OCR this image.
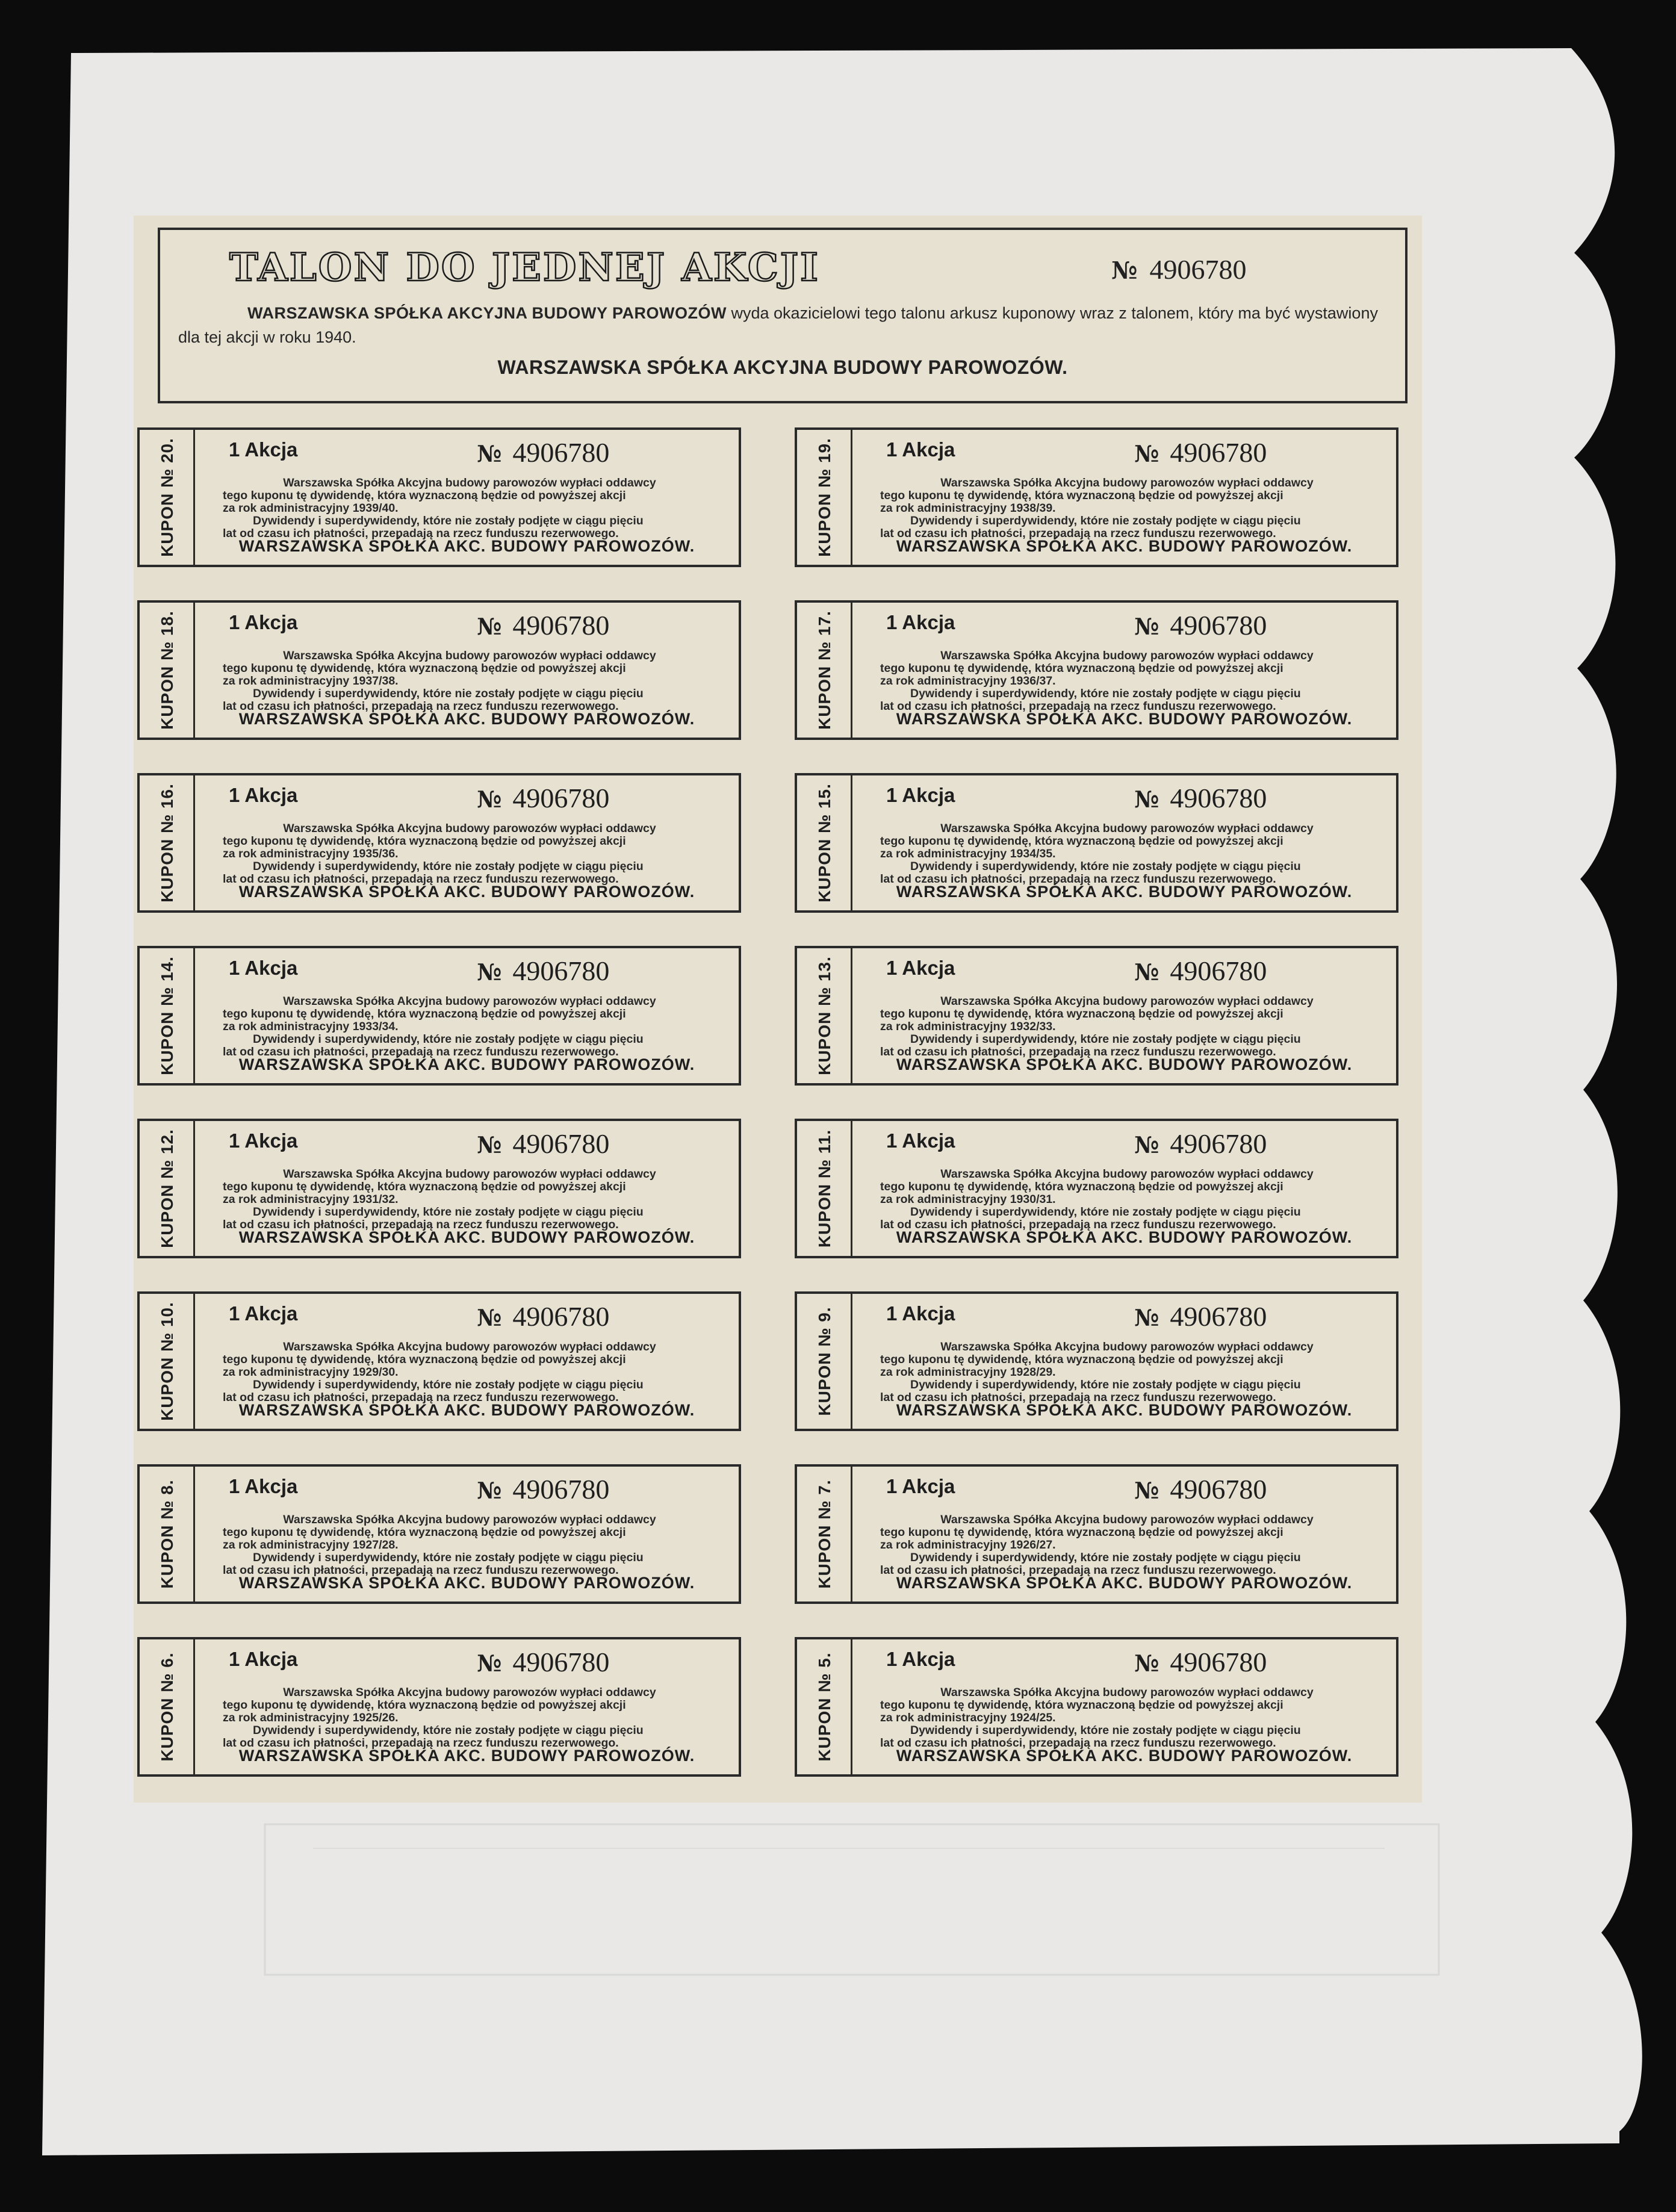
TALON DO JEDNEJ AKCJI	№ 4906780
WARSZAWSKA SPÓŁKA AKCYJNA BUDOWY PAROWOZÓW wyda okazicielowi tego talonu arkusz kuponowy wraz z talonem, który ma być wystawiony dla tej akcji w roku 1940.
WARSZAWSKA SPÓŁKA AKCYJNA BUDOWY PAROWOZÓW.
KUPON № 20.	1 Akcja	№ 4906780
Warszawska Spółka Akcyjna budowy parowozów wypłaci oddawcy
tego kuponu tę dywidendę, która wyznaczoną będzie od powyższej akcji
za rok administracyjny 1939/40.
Dywidendy i superdywidendy, które nie zostały podjęte w ciągu pięciu
lat od czasu ich płatności, przepadają na rzecz funduszu rezerwowego.
WARSZAWSKA SPÓŁKA AKC. BUDOWY PAROWOZÓW.	KUPON № 19.	1 Akcja	№ 4906780
Warszawska Spółka Akcyjna budowy parowozów wypłaci oddawcy
tego kuponu tę dywidendę, która wyznaczoną będzie od powyższej akcji
za rok administracyjny 1938/39.
Dywidendy i superdywidendy, które nie zostały podjęte w ciągu pięciu
lat od czasu ich płatności, przepadają na rzecz funduszu rezerwowego.
WARSZAWSKA SPÓŁKA AKC. BUDOWY PAROWOZÓW.
KUPON № 18.	1 Akcja	№ 4906780
Warszawska Spółka Akcyjna budowy parowozów wypłaci oddawcy
tego kuponu tę dywidendę, która wyznaczoną będzie od powyższej akcji
za rok administracyjny 1937/38.
Dywidendy i superdywidendy, które nie zostały podjęte w ciągu pięciu
lat od czasu ich płatności, przepadają na rzecz funduszu rezerwowego.
WARSZAWSKA SPÓŁKA AKC. BUDOWY PAROWOZÓW.	KUPON № 17.	1 Akcja	№ 4906780
Warszawska Spółka Akcyjna budowy parowozów wypłaci oddawcy
tego kuponu tę dywidendę, która wyznaczoną będzie od powyższej akcji
za rok administracyjny 1936/37.
Dywidendy i superdywidendy, które nie zostały podjęte w ciągu pięciu
lat od czasu ich płatności, przepadają na rzecz funduszu rezerwowego.
WARSZAWSKA SPÓŁKA AKC. BUDOWY PAROWOZÓW.
KUPON № 16.	1 Akcja	№ 4906780
Warszawska Spółka Akcyjna budowy parowozów wypłaci oddawcy
tego kuponu tę dywidendę, która wyznaczoną będzie od powyższej akcji
za rok administracyjny 1935/36.
Dywidendy i superdywidendy, które nie zostały podjęte w ciągu pięciu
lat od czasu ich płatności, przepadają na rzecz funduszu rezerwowego.
WARSZAWSKA SPÓŁKA AKC. BUDOWY PAROWOZÓW.	KUPON № 15.	1 Akcja	№ 4906780
Warszawska Spółka Akcyjna budowy parowozów wypłaci oddawcy
tego kuponu tę dywidendę, która wyznaczoną będzie od powyższej akcji
za rok administracyjny 1934/35.
Dywidendy i superdywidendy, które nie zostały podjęte w ciągu pięciu
lat od czasu ich płatności, przepadają na rzecz funduszu rezerwowego.
WARSZAWSKA SPÓŁKA AKC. BUDOWY PAROWOZÓW.
KUPON № 14.	1 Akcja	№ 4906780
Warszawska Spółka Akcyjna budowy parowozów wypłaci oddawcy
tego kuponu tę dywidendę, która wyznaczoną będzie od powyższej akcji
za rok administracyjny 1933/34.
Dywidendy i superdywidendy, które nie zostały podjęte w ciągu pięciu
lat od czasu ich płatności, przepadają na rzecz funduszu rezerwowego.
WARSZAWSKA SPÓŁKA AKC. BUDOWY PAROWOZÓW.	KUPON № 13.	1 Akcja	№ 4906780
Warszawska Spółka Akcyjna budowy parowozów wypłaci oddawcy
tego kuponu tę dywidendę, która wyznaczoną będzie od powyższej akcji
za rok administracyjny 1932/33.
Dywidendy i superdywidendy, które nie zostały podjęte w ciągu pięciu
lat od czasu ich płatności, przepadają na rzecz funduszu rezerwowego.
WARSZAWSKA SPÓŁKA AKC. BUDOWY PAROWOZÓW.
KUPON № 12.	1 Akcja	№ 4906780
Warszawska Spółka Akcyjna budowy parowozów wypłaci oddawcy
tego kuponu tę dywidendę, która wyznaczoną będzie od powyższej akcji
za rok administracyjny 1931/32.
Dywidendy i superdywidendy, które nie zostały podjęte w ciągu pięciu
lat od czasu ich płatności, przepadają na rzecz funduszu rezerwowego.
WARSZAWSKA SPÓŁKA AKC. BUDOWY PAROWOZÓW.	KUPON № 11.	1 Akcja	№ 4906780
Warszawska Spółka Akcyjna budowy parowozów wypłaci oddawcy
tego kuponu tę dywidendę, która wyznaczoną będzie od powyższej akcji
za rok administracyjny 1930/31.
Dywidendy i superdywidendy, które nie zostały podjęte w ciągu pięciu
lat od czasu ich płatności, przepadają na rzecz funduszu rezerwowego.
WARSZAWSKA SPÓŁKA AKC. BUDOWY PAROWOZÓW.
KUPON № 10.	1 Akcja	№ 4906780
Warszawska Spółka Akcyjna budowy parowozów wypłaci oddawcy
tego kuponu tę dywidendę, która wyznaczoną będzie od powyższej akcji
za rok administracyjny 1929/30.
Dywidendy i superdywidendy, które nie zostały podjęte w ciągu pięciu
lat od czasu ich płatności, przepadają na rzecz funduszu rezerwowego.
WARSZAWSKA SPÓŁKA AKC. BUDOWY PAROWOZÓW.	KUPON № 9.	1 Akcja	№ 4906780
Warszawska Spółka Akcyjna budowy parowozów wypłaci oddawcy
tego kuponu tę dywidendę, która wyznaczoną będzie od powyższej akcji
za rok administracyjny 1928/29.
Dywidendy i superdywidendy, które nie zostały podjęte w ciągu pięciu
lat od czasu ich płatności, przepadają na rzecz funduszu rezerwowego.
WARSZAWSKA SPÓŁKA AKC. BUDOWY PAROWOZÓW.
KUPON № 8.	1 Akcja	№ 4906780
Warszawska Spółka Akcyjna budowy parowozów wypłaci oddawcy
tego kuponu tę dywidendę, która wyznaczoną będzie od powyższej akcji
za rok administracyjny 1927/28.
Dywidendy i superdywidendy, które nie zostały podjęte w ciągu pięciu
lat od czasu ich płatności, przepadają na rzecz funduszu rezerwowego.
WARSZAWSKA SPÓŁKA AKC. BUDOWY PAROWOZÓW.	KUPON № 7.	1 Akcja	№ 4906780
Warszawska Spółka Akcyjna budowy parowozów wypłaci oddawcy
tego kuponu tę dywidendę, która wyznaczoną będzie od powyższej akcji
za rok administracyjny 1926/27.
Dywidendy i superdywidendy, które nie zostały podjęte w ciągu pięciu
lat od czasu ich płatności, przepadają na rzecz funduszu rezerwowego.
WARSZAWSKA SPÓŁKA AKC. BUDOWY PAROWOZÓW.
KUPON № 6.	1 Akcja	№ 4906780
Warszawska Spółka Akcyjna budowy parowozów wypłaci oddawcy
tego kuponu tę dywidendę, która wyznaczoną będzie od powyższej akcji
za rok administracyjny 1925/26.
Dywidendy i superdywidendy, które nie zostały podjęte w ciągu pięciu
lat od czasu ich płatności, przepadają na rzecz funduszu rezerwowego.
WARSZAWSKA SPÓŁKA AKC. BUDOWY PAROWOZÓW.	KUPON № 5.	1 Akcja	№ 4906780
Warszawska Spółka Akcyjna budowy parowozów wypłaci oddawcy
tego kuponu tę dywidendę, która wyznaczoną będzie od powyższej akcji
za rok administracyjny 1924/25.
Dywidendy i superdywidendy, które nie zostały podjęte w ciągu pięciu
lat od czasu ich płatności, przepadają na rzecz funduszu rezerwowego.
WARSZAWSKA SPÓŁKA AKC. BUDOWY PAROWOZÓW.
